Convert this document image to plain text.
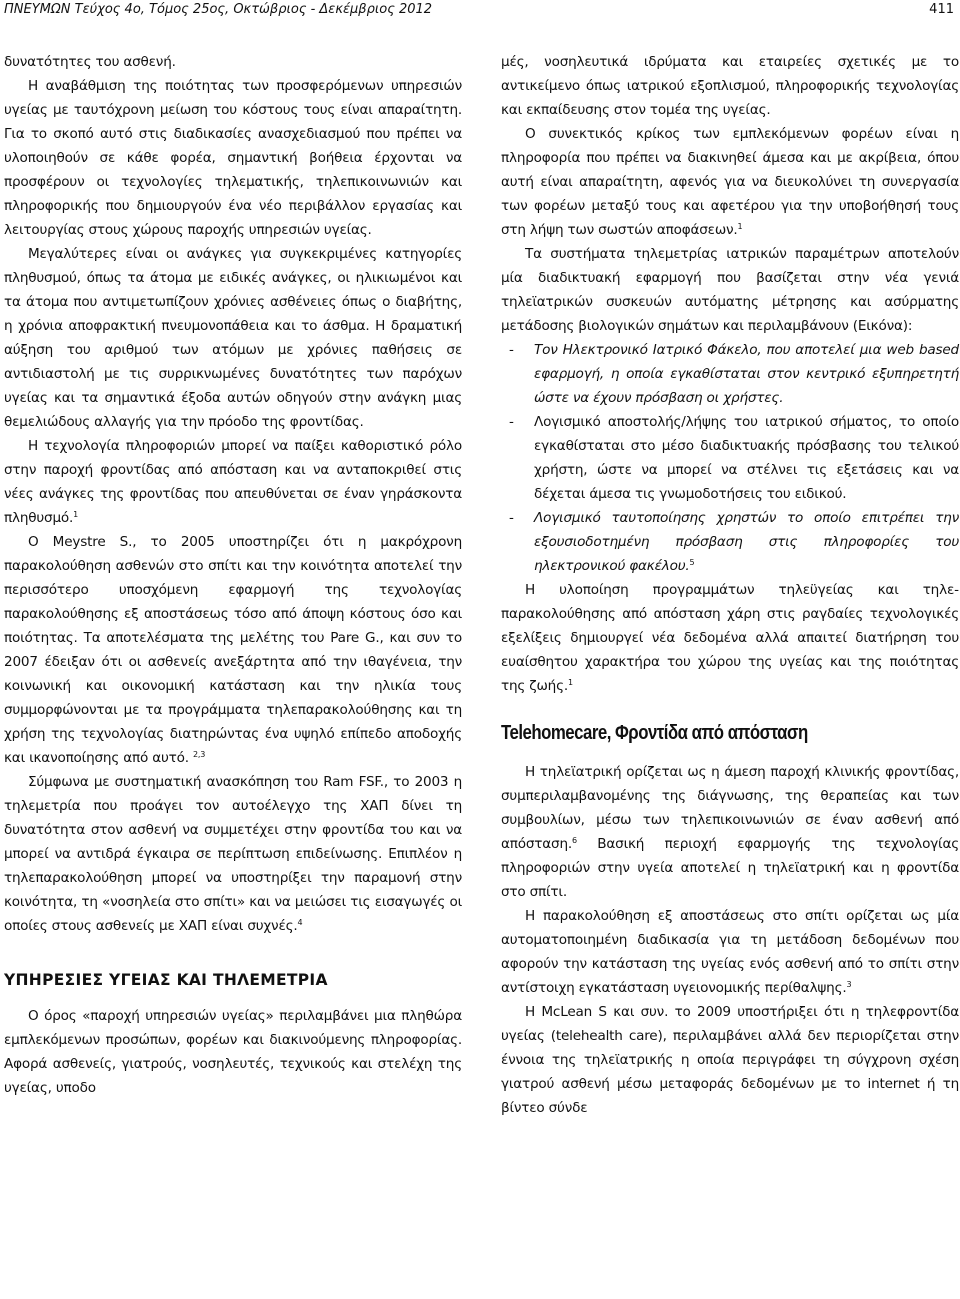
ΠΝΕΥΜΩΝ Τεύχος 4ο, Τόμος 25ος, Οκτώβριος - Δεκέμβριος 2012	411

δυνατότητες του ασθενή.

Η αναβάθμιση της ποιότητας των προσφερόμενων υπηρεσιών υγείας με ταυτόχρονη μείωση του κόστους τους είναι απαραίτητη. Για το σκοπό αυτό στις διαδικασίες ανασχεδιασμού που πρέπει να υλοποιηθούν σε κάθε φορέα, σημαντική βοήθεια έρχονται να προσφέρουν οι τεχνολογίες τηλεματικής, τηλεπικοινωνιών και πληροφορικής που δημιουργούν ένα νέο περιβάλλον εργασίας και λειτουργίας στους χώρους παροχής υπηρεσιών υγείας.

Μεγαλύτερες είναι οι ανάγκες για συγκεκριμένες κατηγορίες πληθυσμού, όπως τα άτομα με ειδικές ανάγκες, οι ηλικιωμένοι και τα άτομα που αντιμετωπίζουν χρόνιες ασθένειες όπως ο διαβήτης, η χρόνια αποφρακτική πνευμονοπάθεια και το άσθμα. Η δραματική αύξηση του αριθμού των ατόμων με χρόνιες παθήσεις σε αντιδιαστολή με τις συρρικνωμένες δυνατότητες των παρόχων υγείας και τα σημαντικά έξοδα αυτών οδηγούν στην ανάγκη μιας θεμελιώδους αλλαγής για την πρόοδο της φροντίδας.

Η τεχνολογία πληροφοριών μπορεί να παίξει καθοριστικό ρόλο στην παροχή φροντίδας από απόσταση και να ανταποκριθεί στις νέες ανάγκες της φροντίδας που απευθύνεται σε έναν γηράσκοντα πληθυσμό.$^1$

Ο Meystre S., το 2005 υποστηρίζει ότι η μακρόχρονη παρακολούθηση ασθενών στο σπίτι και την κοινότητα αποτελεί την περισσότερο υποσχόμενη εφαρμογή της τεχνολογίας παρακολούθησης εξ αποστάσεως τόσο από άποψη κόστους όσο και ποιότητας. Τα αποτελέσματα της μελέτης του Pare G., και συν το 2007 έδειξαν ότι οι ασθενείς ανεξάρτητα από την ιθαγένεια, την κοινωνική και οικονομική κατάσταση και την ηλικία τους συμμορφώνονται με τα προγράμματα τηλεπαρακολούθησης και τη χρήση της τεχνολογίας διατηρώντας ένα υψηλό επίπεδο αποδοχής και ικανοποίησης από αυτό. $^{2,3}$

Σύμφωνα με συστηματική ανασκόπηση του Ram FSF., το 2003 η τηλεμετρία που προάγει τον αυτοέλεγχο της ΧΑΠ δίνει τη δυνατότητα στον ασθενή να συμμετέχει στην φροντίδα του και να μπορεί να αντιδρά έγκαιρα σε περίπτωση επιδείνωσης. Επιπλέον η τηλεπαρακολούθηση μπορεί να υποστηρίξει την παραμονή στην κοινότητα, τη «νοσηλεία στο σπίτι» και να μειώσει τις εισαγωγές οι οποίες στους ασθενείς με ΧΑΠ είναι συχνές.$^4$

ΥΠΗΡΕΣΙΕΣ ΥΓΕΙΑΣ ΚΑΙ ΤΗΛΕΜΕΤΡΙΑ

Ο όρος «παροχή υπηρεσιών υγείας» περιλαμβάνει μια πληθώρα εμπλεκόμενων προσώπων, φορέων και διακινούμενης πληροφορίας. Αφορά ασθενείς, γιατρούς, νοσηλευτές, τεχνικούς και στελέχη της υγείας, υποδο

μές, νοσηλευτικά ιδρύματα και εταιρείες σχετικές με το αντικείμενο όπως ιατρικού εξοπλισμού, πληροφορικής τεχνολογίας και εκπαίδευσης στον τομέα της υγείας.

Ο συνεκτικός κρίκος των εμπλεκόμενων φορέων είναι η πληροφορία που πρέπει να διακινηθεί άμεσα και με ακρίβεια, όπου αυτή είναι απαραίτητη, αφενός για να διευκολύνει τη συνεργασία των φορέων μεταξύ τους και αφετέρου για την υποβοήθησή τους στη λήψη των σωστών αποφάσεων.$^1$

Τα συστήματα τηλεμετρίας ιατρικών παραμέτρων αποτελούν μία διαδικτυακή εφαρμογή που βασίζεται στην νέα γενιά τηλεϊατρικών συσκευών αυτόματης μέτρησης και ασύρματης μετάδοσης βιολογικών σημάτων και περιλαμβάνουν (Εικόνα):

- Τον Ηλεκτρονικό Ιατρικό Φάκελο, που αποτελεί μια web based εφαρμογή, η οποία εγκαθίσταται στον κεντρικό εξυπηρετητή ώστε να έχουν πρόσβαση οι χρήστες.
- Λογισμικό αποστολής/λήψης του ιατρικού σήματος, το οποίο εγκαθίσταται στο μέσο διαδικτυακής πρόσβασης του τελικού χρήστη, ώστε να μπορεί να στέλνει τις εξετάσεις και να δέχεται άμεσα τις γνωμοδοτήσεις του ειδικού.
- Λογισμικό ταυτοποίησης χρηστών το οποίο επιτρέπει την εξουσιοδοτημένη πρόσβαση στις πληροφορίες του ηλεκτρονικού φακέλου.$^5$

Η υλοποίηση προγραμμάτων τηλεϋγείας και τηλεπαρακολούθησης από απόσταση χάρη στις ραγδαίες τεχνολογικές εξελίξεις δημιουργεί νέα δεδομένα αλλά απαιτεί διατήρηση του ευαίσθητου χαρακτήρα του χώρου της υγείας και της ποιότητας της ζωής.$^1$

Telehomecare, Φροντίδα από απόσταση

Η τηλεϊατρική ορίζεται ως η άμεση παροχή κλινικής φροντίδας, συμπεριλαμβανομένης της διάγνωσης, της θεραπείας και των συμβουλίων, μέσω των τηλεπικοινωνιών σε έναν ασθενή από απόσταση.$^6$ Βασική περιοχή εφαρμογής της τεχνολογίας πληροφοριών στην υγεία αποτελεί η τηλεϊατρική και η φροντίδα στο σπίτι.

Η παρακολούθηση εξ αποστάσεως στο σπίτι ορίζεται ως μία αυτοματοποιημένη διαδικασία για τη μετάδοση δεδομένων που αφορούν την κατάσταση της υγείας ενός ασθενή από το σπίτι στην αντίστοιχη εγκατάσταση υγειονομικής περίθαλψης.$^3$

Η McLean S και συν. το 2009 υποστήριξει ότι η τηλεφροντίδα υγείας (telehealth care), περιλαμβάνει αλλά δεν περιορίζεται στην έννοια της τηλεϊατρικής η οποία περιγράφει τη σύγχρονη σχέση γιατρού ασθενή μέσω μεταφοράς δεδομένων με το internet ή τη βίντεο σύνδε
